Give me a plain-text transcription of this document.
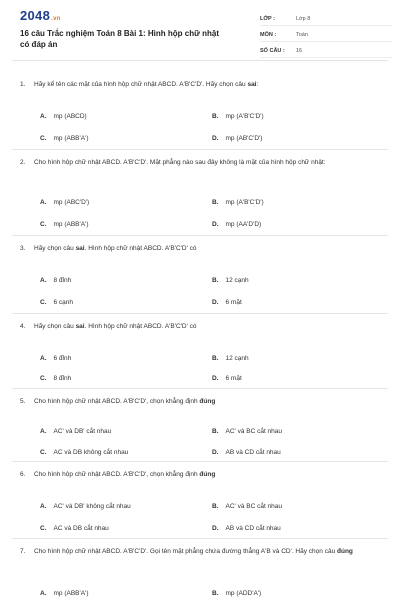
2048.vn
16 câu Trắc nghiệm Toán 8 Bài 1: Hình hộp chữ nhật có đáp án
LỚP :	Lớp 8
MÔN :	Toán
SỐ CÂU :	16
1. Hãy kể tên các mặt của hình hộp chữ nhật ABCD. A'B'C'D'. Hãy chọn câu sai:
A. mp (ABCD)	B. mp (A'B'C'D')
C. mp (ABB'A')	D. mp (AB'C'D')
2. Cho hình hộp chữ nhật ABCD. A'B'C'D'. Mặt phẳng nào sau đây không là mặt của hình hộp chữ nhật:
A. mp (ABC'D')	B. mp (A'B'C'D')
C. mp (ABB'A')	D. mp (AA'D'D)
3. Hãy chọn câu sai. Hình hộp chữ nhật ABCD. A'B'C'D' có
A. 8 đỉnh	B. 12 cạnh
C. 6 cạnh	D. 6 mặt
4. Hãy chọn câu sai. Hình hộp chữ nhật ABCD. A'B'C'D' có
A. 6 đỉnh	B. 12 cạnh
C. 8 đỉnh	D. 6 mặt
5. Cho hình hộp chữ nhật ABCD. A'B'C'D', chọn khẳng định đúng
A. AC' và DB' cắt nhau	B. AC' và BC cắt nhau
C. AC và DB không cắt nhau	D. AB và CD cắt nhau
6. Cho hình hộp chữ nhật ABCD. A'B'C'D', chọn khẳng định đúng
A. AC' và DB' không cắt nhau	B. AC' và BC cắt nhau
C. AC và DB cắt nhau	D. AB và CD cắt nhau
7. Cho hình hộp chữ nhật ABCD. A'B'C'D'. Gọi tên mặt phẳng chứa đường thẳng A'B và CD'. Hãy chọn câu đúng
A. mp (ABB'A')	B. mp (ADD'A')
